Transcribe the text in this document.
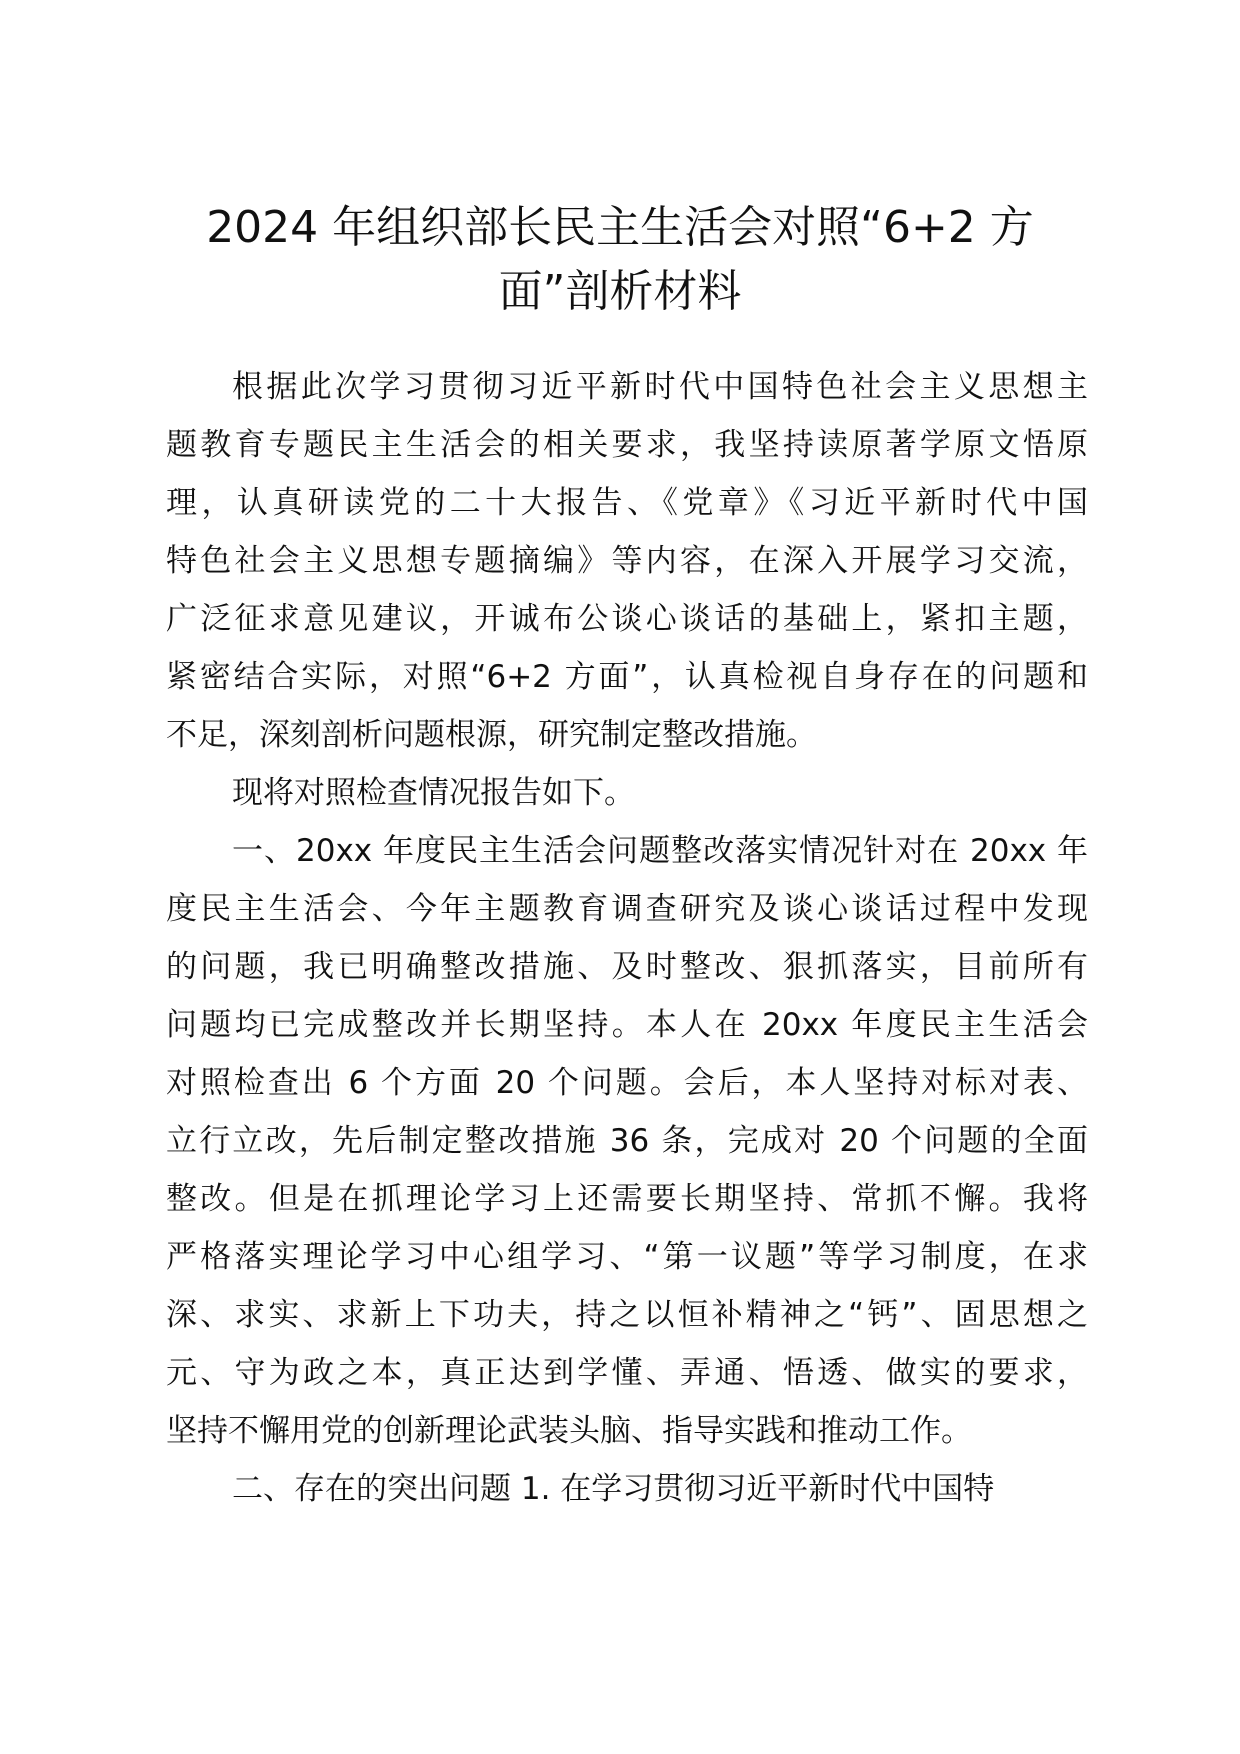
2024 年组织部长民主生活会对照“6+2 方
面”剖析材料

根据此次学习贯彻习近平新时代中国特色社会主义思想主
题教育专题民主生活会的相关要求，我坚持读原著学原文悟原
理，认真研读党的二十大报告、《党章》《习近平新时代中国
特色社会主义思想专题摘编》等内容，在深入开展学习交流，
广泛征求意见建议，开诚布公谈心谈话的基础上，紧扣主题，
紧密结合实际，对照“6+2 方面”，认真检视自身存在的问题和
不足，深刻剖析问题根源，研究制定整改措施。

现将对照检查情况报告如下。

一、20xx 年度民主生活会问题整改落实情况针对在 20xx 年
度民主生活会、今年主题教育调查研究及谈心谈话过程中发现
的问题，我已明确整改措施、及时整改、狠抓落实，目前所有
问题均已完成整改并长期坚持。本人在 20xx 年度民主生活会
对照检查出 6 个方面 20 个问题。会后，本人坚持对标对表、
立行立改，先后制定整改措施 36 条，完成对 20 个问题的全面
整改。但是在抓理论学习上还需要长期坚持、常抓不懈。我将
严格落实理论学习中心组学习、“第一议题”等学习制度，在求
深、求实、求新上下功夫，持之以恒补精神之“钙”、固思想之
元、守为政之本，真正达到学懂、弄通、悟透、做实的要求，
坚持不懈用党的创新理论武装头脑、指导实践和推动工作。

二、存在的突出问题 1. 在学习贯彻习近平新时代中国特
